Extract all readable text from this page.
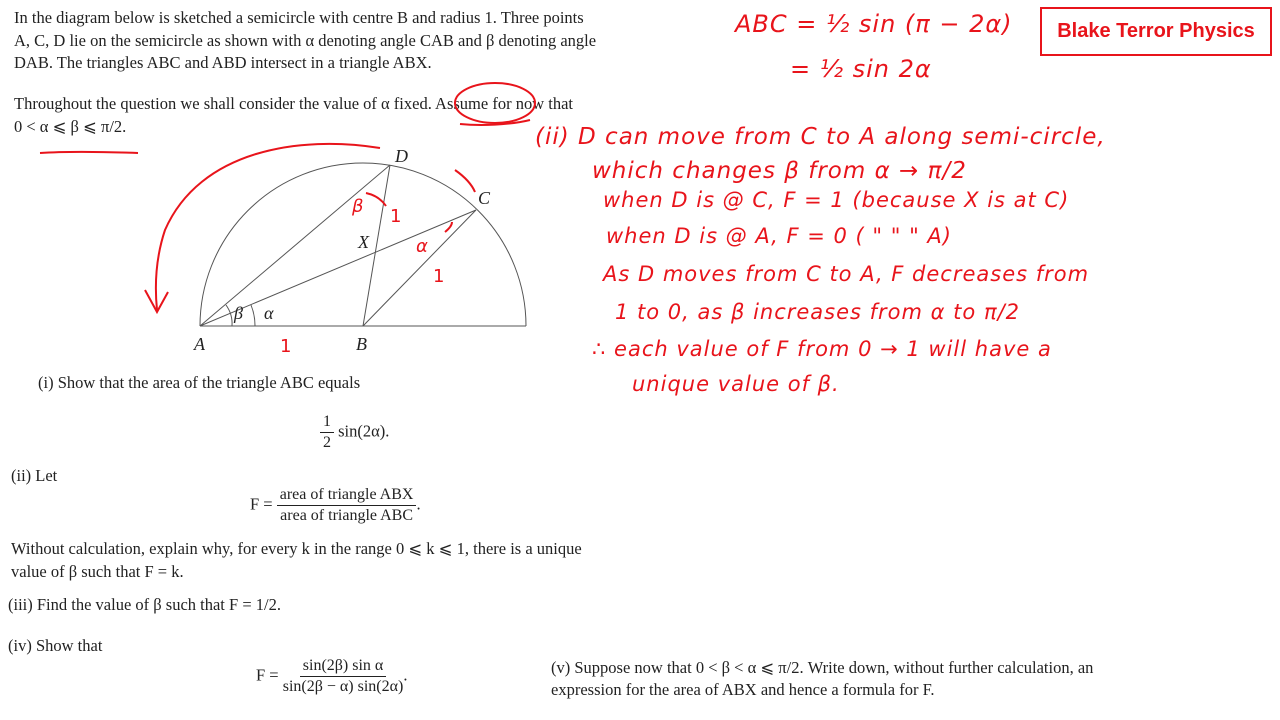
In the diagram below is sketched a semicircle with centre B and radius 1. Three points
A, C, D lie on the semicircle as shown with α denoting angle CAB and β denoting angle
DAB. The triangles ABC and ABD intersect in a triangle ABX.
Throughout the question we shall consider the value of α fixed. Assume for now that
0 < α ⩽ β ⩽ π/2.
A	B
C
D
X
β α
1
1
1
β
α
(i) Show that the area of the triangle ABC equals
$\frac{1}{2} \sin(2\alpha)$.
(ii) Let
$F = \frac{\text{area of triangle ABX}}{\text{area of triangle ABC}}$ .
Without calculation, explain why, for every k in the range 0 ⩽ k ⩽ 1, there is a unique
value of β such that F = k.
(iii) Find the value of β such that F = 1/2.
(iv) Show that
$F = \frac{\text{sin(2β) sin α}}{\sin(2\beta - \alpha) \sin(2\alpha)}$ .	(v) Suppose now that 0 < β < α ⩽ π/2. Write down, without further calculation, an
expression for the area of ABX and hence a formula for F.
ABC = ½ sin (π − 2α)
= ½ sin 2α
(ii) D can move from C to A along semi-circle,
which changes β from α → π/2
when D is @ C, F = 1 (because X is at C)
when D is @ A, F = 0 ( " " " A)
As D moves from C to A, F decreases from
1 to 0, as β increases from α to π/2
∴ each value of F from 0 → 1 will have a
unique value of β.
Blake Terror Physics
